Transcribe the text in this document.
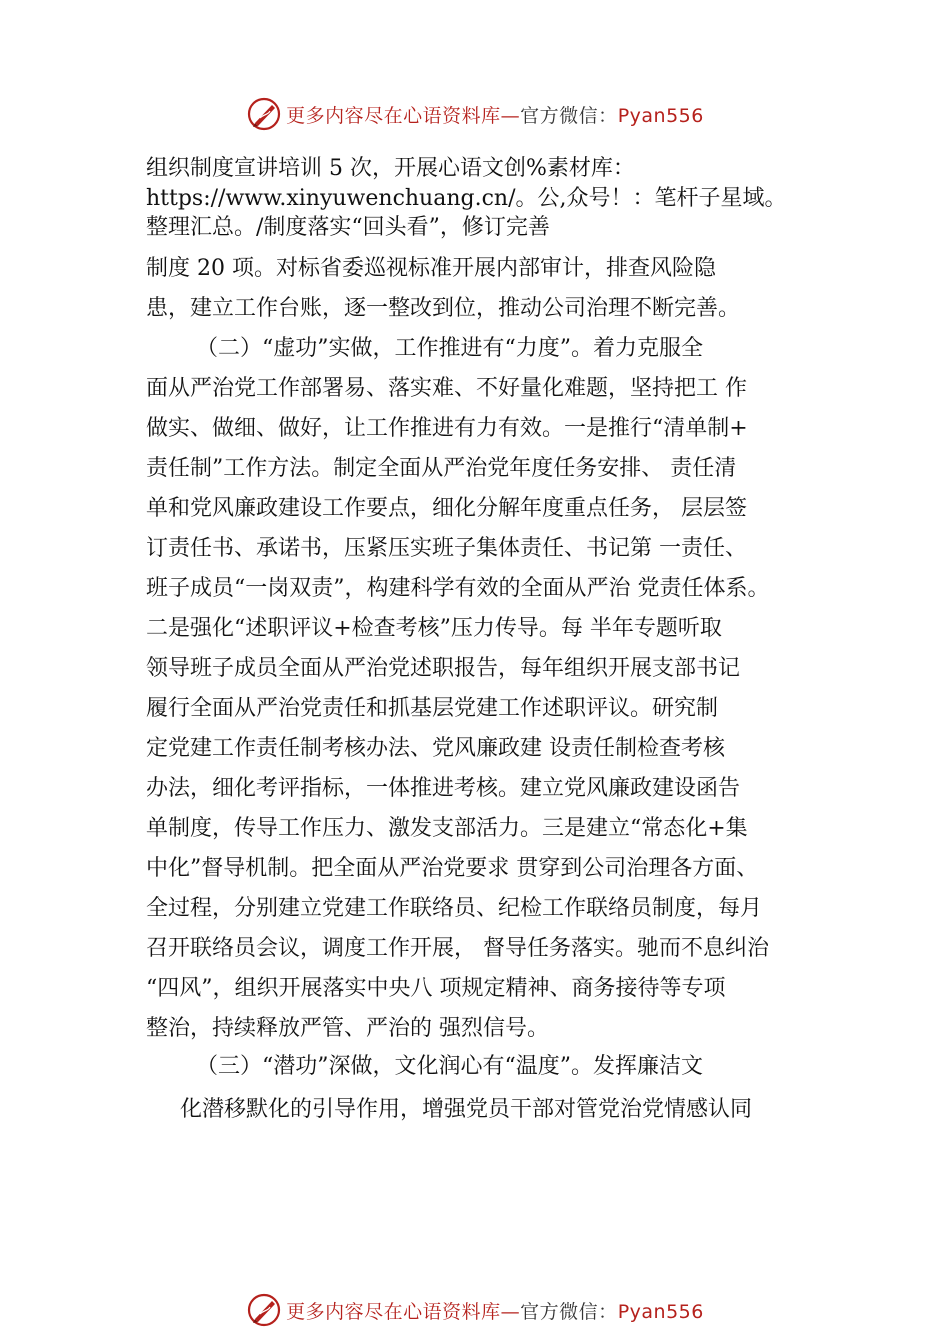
更多内容尽在心语资料库—官方微信：Pyan556
组织制度宣讲培训 5 次，开展心语文创%素材库：
https://www.xinyuwenchuang.cn/。公,众号！：笔杆子星域。
整理汇总。/制度落实“回头看”，修订完善
制度 20 项。对标省委巡视标准开展内部审计，排查风险隐
患，建立工作台账，逐一整改到位，推动公司治理不断完善。
（二）“虚功”实做，工作推进有“力度”。着力克服全
面从严治党工作部署易、落实难、不好量化难题，坚持把工 作
做实、做细、做好，让工作推进有力有效。一是推行“清单制+
责任制”工作方法。制定全面从严治党年度任务安排、 责任清
单和党风廉政建设工作要点，细化分解年度重点任务， 层层签
订责任书、承诺书，压紧压实班子集体责任、书记第 一责任、
班子成员“一岗双责”，构建科学有效的全面从严治 党责任体系。
二是强化“述职评议+检查考核”压力传导。每 半年专题听取
领导班子成员全面从严治党述职报告，每年组织开展支部书记
履行全面从严治党责任和抓基层党建工作述职评议。研究制
定党建工作责任制考核办法、党风廉政建 设责任制检查考核
办法，细化考评指标，一体推进考核。建立党风廉政建设函告
单制度，传导工作压力、激发支部活力。三是建立“常态化+集
中化”督导机制。把全面从严治党要求 贯穿到公司治理各方面、
全过程，分别建立党建工作联络员、纪检工作联络员制度，每月
召开联络员会议，调度工作开展， 督导任务落实。驰而不息纠治
“四风”，组织开展落实中央八 项规定精神、商务接待等专项
整治，持续释放严管、严治的 强烈信号。
（三）“潜功”深做，文化润心有“温度”。发挥廉洁文
化潜移默化的引导作用，增强党员干部对管党治党情感认同
更多内容尽在心语资料库—官方微信：Pyan556
